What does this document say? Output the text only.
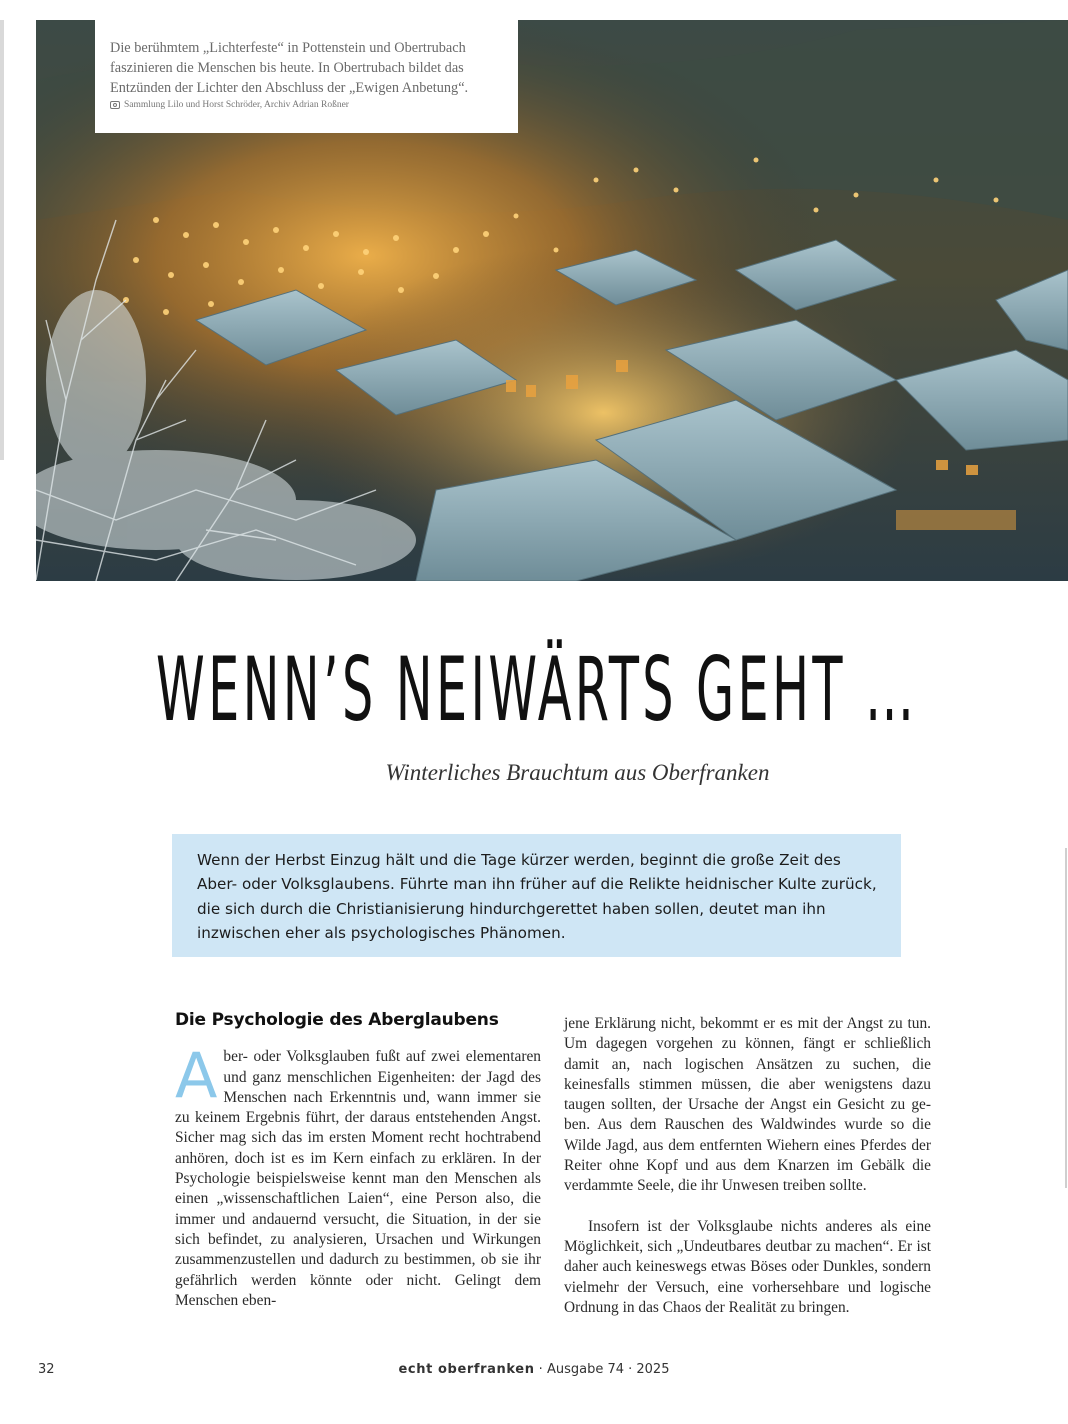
Die berühmtem „Lichterfeste“ in Pottenstein und Obertrubach faszinieren die Menschen bis heute. In Obertrubach bildet das Entzünden der Lichter den Abschluss der „Ewigen Anbetung“.

Sammlung Lilo und Horst Schröder, Archiv Adrian Roßner
WENN’S NEIWÄRTS GEHT …
Winterliches Brauchtum aus Oberfranken
Wenn der Herbst Einzug hält und die Tage kürzer werden, beginnt die große Zeit des Aber- oder Volksglaubens. Führte man ihn früher auf die Relikte heidnischer Kulte zurück, die sich durch die Christianisierung hindurchgerettet haben sollen, deutet man ihn inzwischen eher als psychologisches Phänomen.
Die Psychologie des Aberglaubens

Aber- oder Volksglauben fußt auf zwei elementaren und ganz menschlichen Eigenheiten: der Jagd des Menschen nach Erkenntnis und, wann immer sie zu keinem Ergebnis führt, der daraus entstehenden Angst. Sicher mag sich das im ersten Moment recht hochtrabend anhören, doch ist es im Kern einfach zu erklären. In der Psychologie beispielsweise kennt man den Menschen als einen „wissenschaftlichen Laien“, eine Person also, die immer und andauernd versucht, die Situation, in der sie sich befindet, zu analysieren, Ursachen und Wirkungen zusammenzustellen und dadurch zu bestimmen, ob sie ihr gefährlich werden könnte oder nicht. Gelingt dem Menschen eben-

jene Erklärung nicht, bekommt er es mit der Angst zu tun. Um dagegen vorgehen zu können, fängt er schließlich damit an, nach logischen Ansätzen zu suchen, die keinesfalls stimmen müssen, die aber wenigstens dazu taugen sollten, der Ursache der Angst ein Gesicht zu geben. Aus dem Rauschen des Waldwindes wurde so die Wilde Jagd, aus dem entfernten Wiehern eines Pferdes der Reiter ohne Kopf und aus dem Knarzen im Gebälk die verdammte Seele, die ihr Unwesen treiben sollte.

Insofern ist der Volksglaube nichts anderes als eine Möglichkeit, sich „Undeutbares deutbar zu machen“. Er ist daher auch keineswegs etwas Böses oder Dunkles, sondern vielmehr der Versuch, eine vorhersehbare und logische Ordnung in das Chaos der Realität zu bringen.

32	echt oberfranken · Ausgabe 74 · 2025
